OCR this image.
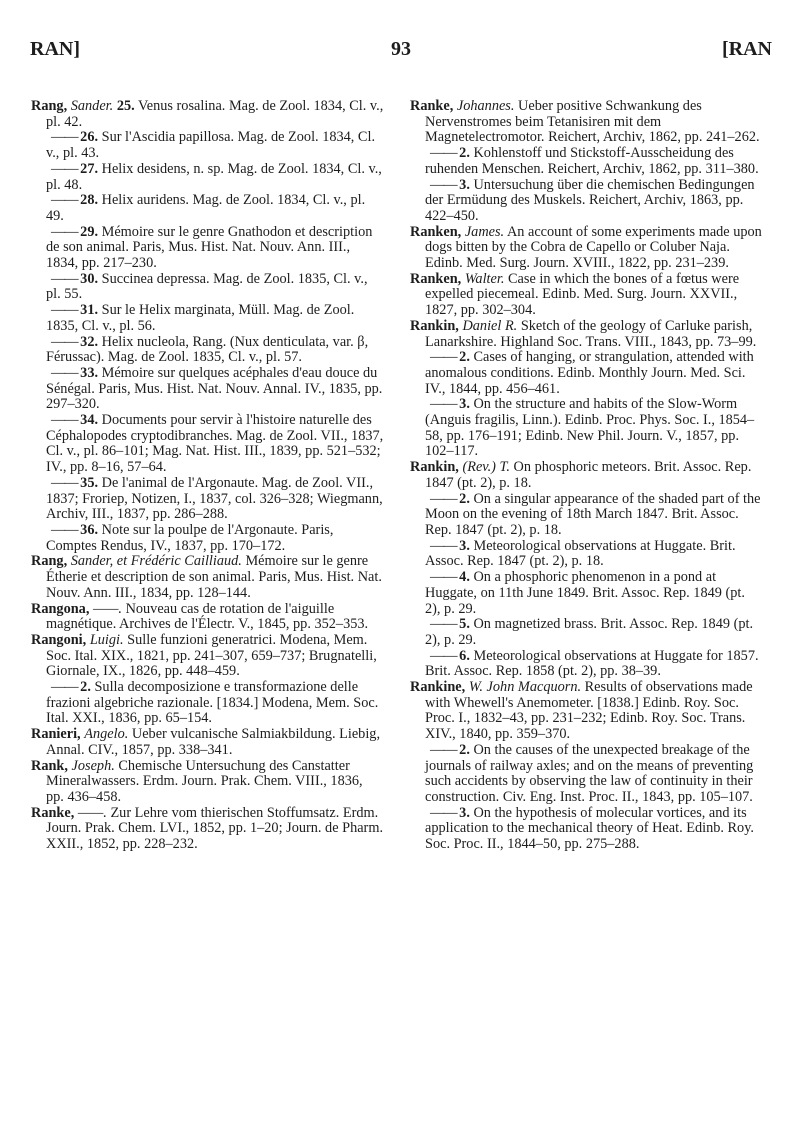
RAN]	93	[RAN
Rang, Sander. 25. Venus rosalina. Mag. de Zool. 1834, Cl. v., pl. 42.
—— 26. Sur l'Ascidia papillosa. Mag. de Zool. 1834, Cl. v., pl. 43.
—— 27. Helix desidens, n. sp. Mag. de Zool. 1834, Cl. v., pl. 48.
—— 28. Helix auridens. Mag. de Zool. 1834, Cl. v., pl. 49.
—— 29. Mémoire sur le genre Gnathodon et description de son animal. Paris, Mus. Hist. Nat. Nouv. Ann. III., 1834, pp. 217–230.
—— 30. Succinea depressa. Mag. de Zool. 1835, Cl. v., pl. 55.
—— 31. Sur le Helix marginata, Müll. Mag. de Zool. 1835, Cl. v., pl. 56.
—— 32. Helix nucleola, Rang. (Nux denticulata, var. β, Férussac). Mag. de Zool. 1835, Cl. v., pl. 57.
—— 33. Mémoire sur quelques acéphales d'eau douce du Sénégal. Paris, Mus. Hist. Nat. Nouv. Annal. IV., 1835, pp. 297–320.
—— 34. Documents pour servir à l'histoire naturelle des Céphalopodes cryptodibranches. Mag. de Zool. VII., 1837, Cl. v., pl. 86–101; Mag. Nat. Hist. III., 1839, pp. 521–532; IV., pp. 8–16, 57–64.
—— 35. De l'animal de l'Argonaute. Mag. de Zool. VII., 1837; Froriep, Notizen, I., 1837, col. 326–328; Wiegmann, Archiv, III., 1837, pp. 286–288.
—— 36. Note sur la poulpe de l'Argonaute. Paris, Comptes Rendus, IV., 1837, pp. 170–172.
Rang, Sander, et Frédéric Cailliaud. Mémoire sur le genre Étherie et description de son animal. Paris, Mus. Hist. Nat. Nouv. Ann. III., 1834, pp. 128–144.
Rangona, ——. Nouveau cas de rotation de l'aiguille magnétique. Archives de l'Électr. V., 1845, pp. 352–353.
Rangoni, Luigi. Sulle funzioni generatrici. Modena, Mem. Soc. Ital. XIX., 1821, pp. 241–307, 659–737; Brugnatelli, Giornale, IX., 1826, pp. 448–459.
—— 2. Sulla decomposizione e transformazione delle frazioni algebriche razionale. [1834.] Modena, Mem. Soc. Ital. XXI., 1836, pp. 65–154.
Ranieri, Angelo. Ueber vulcanische Salmiakbildung. Liebig, Annal. CIV., 1857, pp. 338–341.
Rank, Joseph. Chemische Untersuchung des Canstatter Mineralwassers. Erdm. Journ. Prak. Chem. VIII., 1836, pp. 436–458.
Ranke, ——. Zur Lehre vom thierischen Stoffumsatz. Erdm. Journ. Prak. Chem. LVI., 1852, pp. 1–20; Journ. de Pharm. XXII., 1852, pp. 228–232.
Ranke, Johannes. Ueber positive Schwankung des Nervenstromes beim Tetanisiren mit dem Magnetelectromotor. Reichert, Archiv, 1862, pp. 241–262.
—— 2. Kohlenstoff und Stickstoff-Ausscheidung des ruhenden Menschen. Reichert, Archiv, 1862, pp. 311–380.
—— 3. Untersuchung über die chemischen Bedingungen der Ermüdung des Muskels. Reichert, Archiv, 1863, pp. 422–450.
Ranken, James. An account of some experiments made upon dogs bitten by the Cobra de Capello or Coluber Naja. Edinb. Med. Surg. Journ. XVIII., 1822, pp. 231–239.
Ranken, Walter. Case in which the bones of a fœtus were expelled piecemeal. Edinb. Med. Surg. Journ. XXVII., 1827, pp. 302–304.
Rankin, Daniel R. Sketch of the geology of Carluke parish, Lanarkshire. Highland Soc. Trans. VIII., 1843, pp. 73–99.
—— 2. Cases of hanging, or strangulation, attended with anomalous conditions. Edinb. Monthly Journ. Med. Sci. IV., 1844, pp. 456–461.
—— 3. On the structure and habits of the Slow-Worm (Anguis fragilis, Linn.). Edinb. Proc. Phys. Soc. I., 1854–58, pp. 176–191; Edinb. New Phil. Journ. V., 1857, pp. 102–117.
Rankin, (Rev.) T. On phosphoric meteors. Brit. Assoc. Rep. 1847 (pt. 2), p. 18.
—— 2. On a singular appearance of the shaded part of the Moon on the evening of 18th March 1847. Brit. Assoc. Rep. 1847 (pt. 2), p. 18.
—— 3. Meteorological observations at Huggate. Brit. Assoc. Rep. 1847 (pt. 2), p. 18.
—— 4. On a phosphoric phenomenon in a pond at Huggate, on 11th June 1849. Brit. Assoc. Rep. 1849 (pt. 2), p. 29.
—— 5. On magnetized brass. Brit. Assoc. Rep. 1849 (pt. 2), p. 29.
—— 6. Meteorological observations at Huggate for 1857. Brit. Assoc. Rep. 1858 (pt. 2), pp. 38–39.
Rankine, W. John Macquorn. Results of observations made with Whewell's Anemometer. [1838.] Edinb. Roy. Soc. Proc. I., 1832–43, pp. 231–232; Edinb. Roy. Soc. Trans. XIV., 1840, pp. 359–370.
—— 2. On the causes of the unexpected breakage of the journals of railway axles; and on the means of preventing such accidents by observing the law of continuity in their construction. Civ. Eng. Inst. Proc. II., 1843, pp. 105–107.
—— 3. On the hypothesis of molecular vortices, and its application to the mechanical theory of Heat. Edinb. Roy. Soc. Proc. II., 1844–50, pp. 275–288.
